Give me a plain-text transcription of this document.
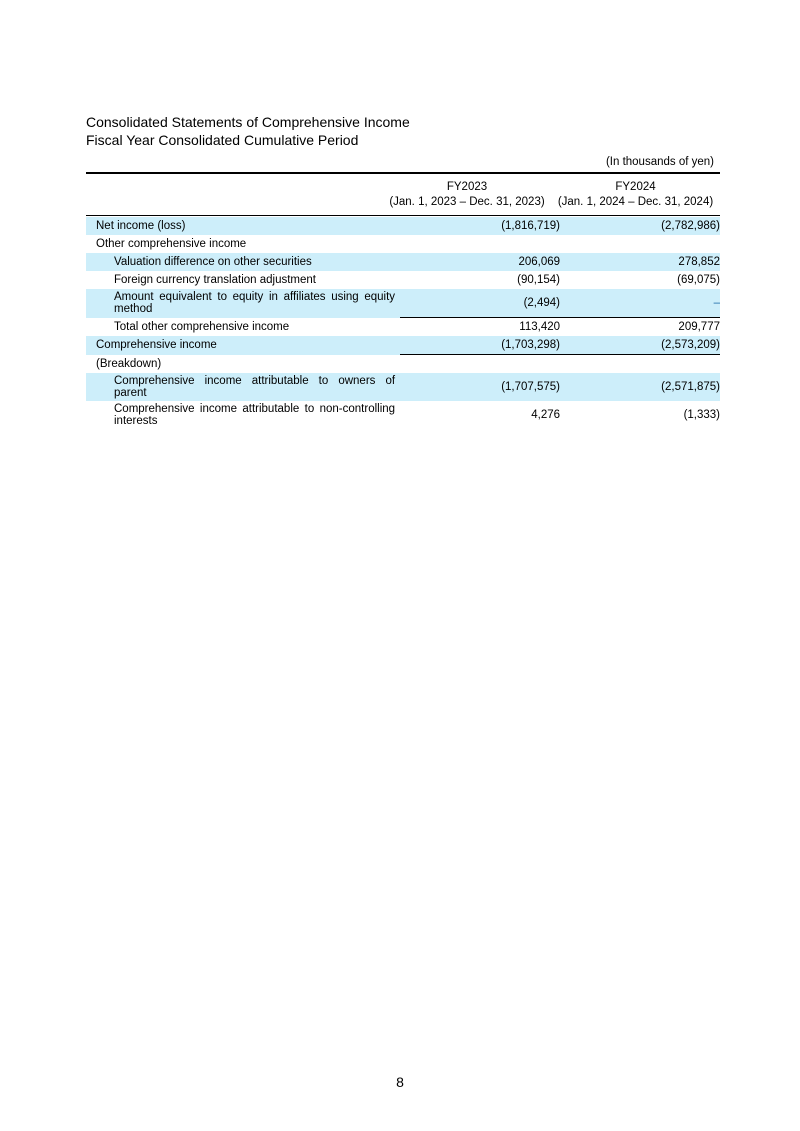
Consolidated Statements of Comprehensive Income
Fiscal Year Consolidated Cumulative Period
(In thousands of yen)
FY2023
(Jan. 1, 2023 – Dec. 31, 2023)
FY2024
(Jan. 1, 2024 – Dec. 31, 2024)
Net income (loss)	(1,816,719)	(2,782,986)
Other comprehensive income		
Valuation difference on other securities	206,069	278,852
Foreign currency translation adjustment	(90,154)	(69,075)
Amount equivalent to equity in affiliates using equity method	(2,494)	–
Total other comprehensive income	113,420	209,777
Comprehensive income	(1,703,298)	(2,573,209)
(Breakdown)		
Comprehensive income attributable to owners of parent	(1,707,575)	(2,571,875)
Comprehensive income attributable to non-controlling interests	4,276	(1,333)
8
